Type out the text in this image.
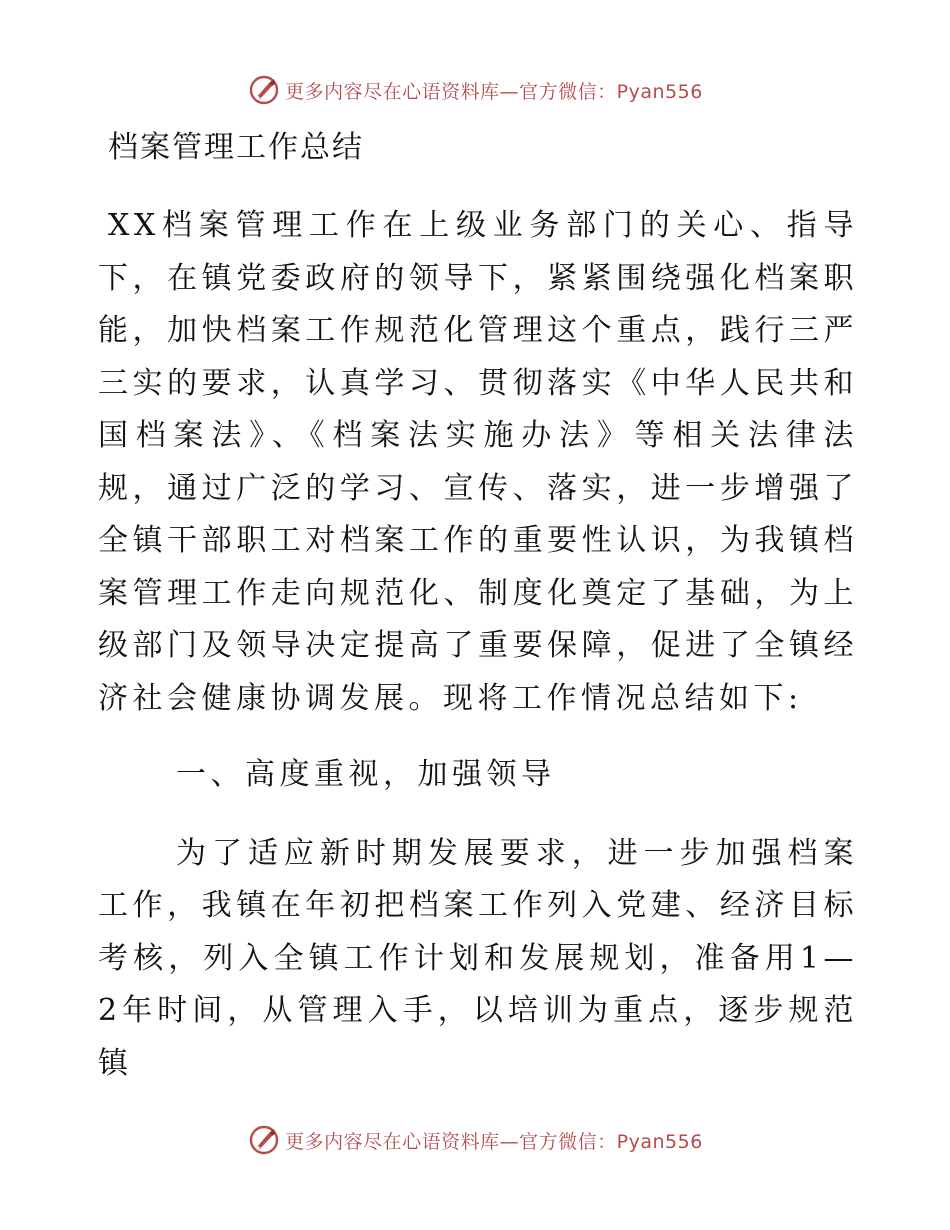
更多内容尽在心语资料库—官方微信：Pyan556
档案管理工作总结

XX档案管理工作在上级业务部门的关心、指导下，在镇党委政府的领导下，紧紧围绕强化档案职能，加快档案工作规范化管理这个重点，践行三严三实的要求，认真学习、贯彻落实《中华人民共和国档案法》、《档案法实施办法》等相关法律法规，通过广泛的学习、宣传、落实，进一步增强了全镇干部职工对档案工作的重要性认识，为我镇档案管理工作走向规范化、制度化奠定了基础，为上级部门及领导决定提高了重要保障，促进了全镇经济社会健康协调发展。现将工作情况总结如下:

一、高度重视，加强领导

为了适应新时期发展要求，进一步加强档案工作，我镇在年初把档案工作列入党建、经济目标考核，列入全镇工作计划和发展规划，准备用1—2年时间，从管理入手，以培训为重点，逐步规范镇

更多内容尽在心语资料库—官方微信：Pyan556
